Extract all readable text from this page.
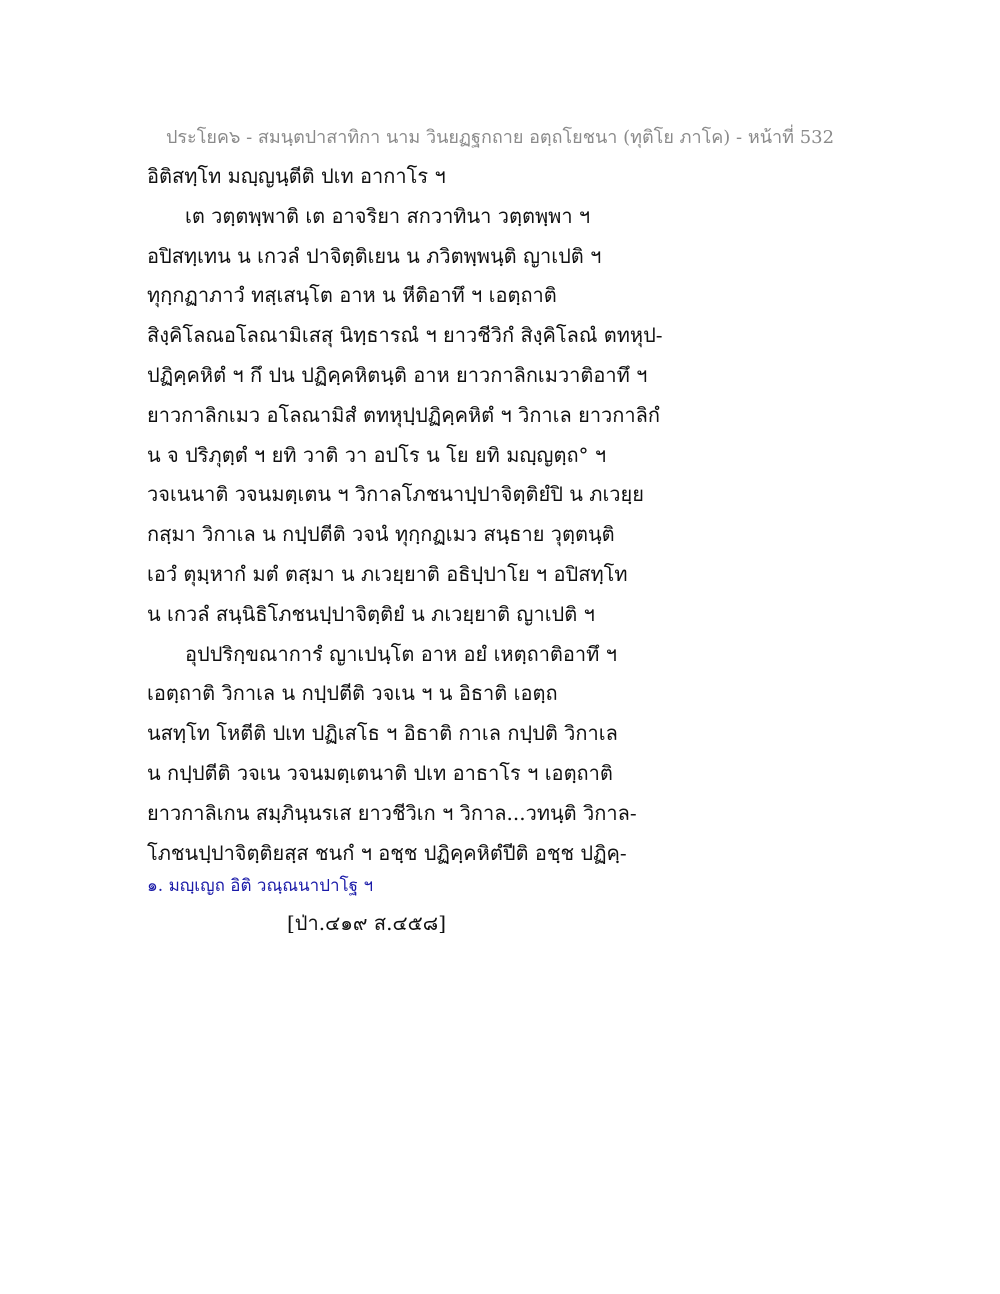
ประโยค๖ - สมนฺตปาสาทิกา นาม วินยฏฐกถาย อตฺถโยชนา (ทุติโย ภาโค) - หน้าที่ 532
อิติสทฺโท มญฺญนฺตีติ ปเท อากาโร ฯ
เต วตฺตพฺพาติ เต อาจริยา สกวาทินา วตฺตพฺพา ฯ
อปิสทฺเทน น เกวลํ ปาจิตฺติเยน น ภวิตพฺพนฺติ ญาเปติ ฯ
ทุกฺกฏาภาวํ ทสฺเสนฺโต อาห น หีติอาทึ ฯ เอตฺถาติ
สิงฺคิโลณอโลณามิเสสุ นิทฺธารณํ ฯ ยาวชีวิกํ สิงฺคิโลณํ ตทหุป-
ปฏิคฺคหิตํ ฯ กึ ปน ปฏิคฺคหิตนฺติ อาห ยาวกาลิกเมวาติอาทึ ฯ
ยาวกาลิกเมว อโลณามิสํ ตทหุปฺปฏิคฺคหิตํ ฯ วิกาเล ยาวกาลิกํ
น จ ปริภุตฺตํ ฯ ยทิ วาติ วา อปโร น โย ยทิ มญฺญตฺถ° ฯ
วจเนนาติ วจนมตฺเตน ฯ วิกาลโภชนาปฺปาจิตฺติยํปิ น ภเวยฺย
กสฺมา วิกาเล น กปฺปตีติ วจนํ ทุกฺกฏเมว สนฺธาย วุตฺตนฺติ
เอวํ ตุมฺหากํ มตํ ตสฺมา น ภเวยฺยาติ อธิปฺปาโย ฯ อปิสทฺโท
น เกวลํ สนฺนิธิโภชนปฺปาจิตฺติยํ น ภเวยฺยาติ ญาเปติ ฯ
อุปปริกฺขณาการํ ญาเปนฺโต อาห อยํ เหตฺถาติอาทึ ฯ
เอตฺถาติ วิกาเล น กปฺปตีติ วจเน ฯ น อิธาติ เอตฺถ
นสทฺโท โหตีติ ปเท ปฏิเสโธ ฯ อิธาติ กาเล กปฺปติ วิกาเล
น กปฺปตีติ วจเน วจนมตฺเตนาติ ปเท อาธาโร ฯ เอตฺถาติ
ยาวกาลิเกน สมฺภินฺนรเส ยาวชีวิเก ฯ วิกาล...วทนฺติ วิกาล-
โภชนปฺปาจิตฺติยสฺส ชนกํ ฯ อชฺช ปฏิคฺคหิตํปีติ อชฺช ปฏิคฺ-
๑. มญฺเญถ อิติ วณฺณนาปาโฐ ฯ
[ป่า.๔๑๙ ส.๔๕๘]
